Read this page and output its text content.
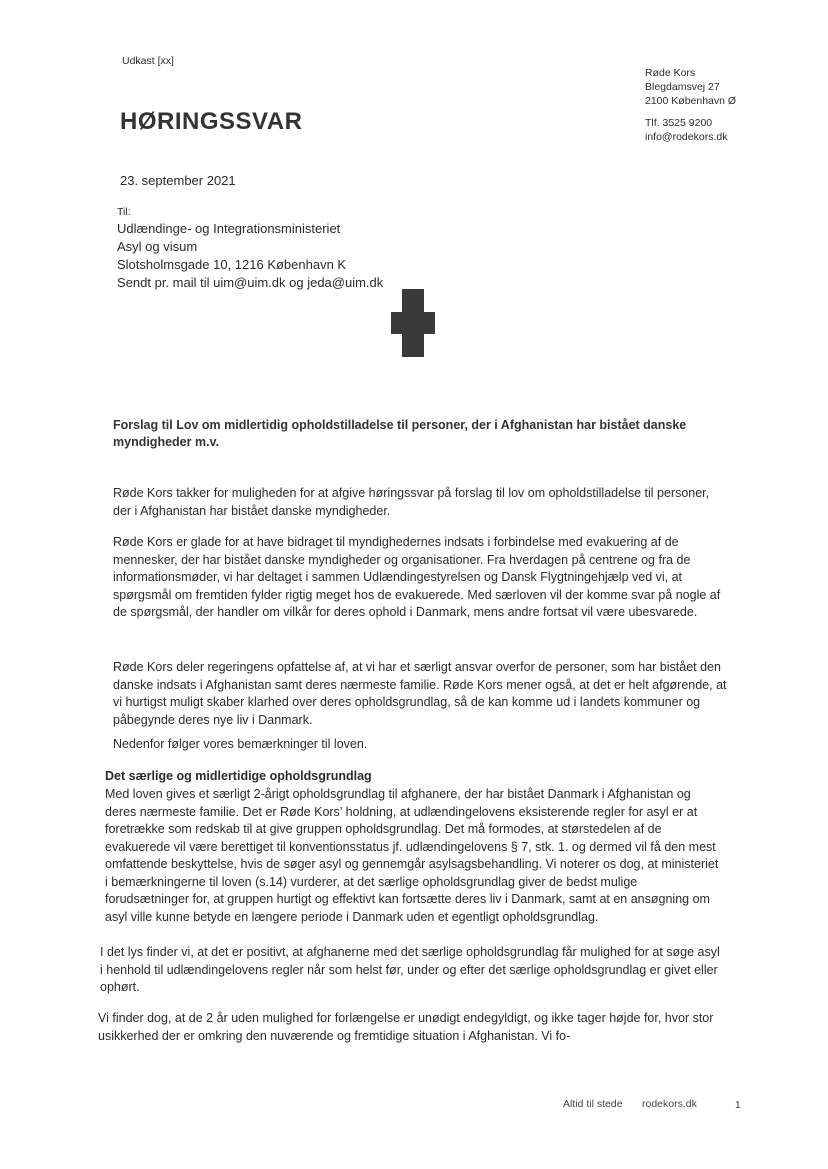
Udkast [xx]
Røde Kors
Blegdamsvej 27
2100 København Ø
HØRINGSSVAR	Tlf. 3525 9200
info@rodekors.dk
23. september 2021
Til:
Udlændinge- og Integrationsministeriet
Asyl og visum
Slotsholmsgade 10, 1216 København K
Sendt pr. mail til uim@uim.dk og jeda@uim.dk
Forslag til Lov om midlertidig opholdstilladelse til personer, der i Afghanistan har bistået danske myndigheder m.v.
Røde Kors takker for muligheden for at afgive høringssvar på forslag til lov om opholdstilladelse til personer, der i Afghanistan har bistået danske myndigheder.
Røde Kors er glade for at have bidraget til myndighedernes indsats i forbindelse med evakuering af de mennesker, der har bistået danske myndigheder og organisationer. Fra hverdagen på centrene og fra de informationsmøder, vi har deltaget i sammen Udlændingestyrelsen og Dansk Flygtningehjælp ved vi, at spørgsmål om fremtiden fylder rigtig meget hos de evakuerede. Med særloven vil der komme svar på nogle af de spørgsmål, der handler om vilkår for deres ophold i Danmark, mens andre fortsat vil være ubesvarede.
Røde Kors deler regeringens opfattelse af, at vi har et særligt ansvar overfor de personer, som har bistået den danske indsats i Afghanistan samt deres nærmeste familie. Røde Kors mener også, at det er helt afgørende, at vi hurtigst muligt skaber klarhed over deres opholdsgrundlag, så de kan komme ud i landets kommuner og påbegynde deres nye liv i Danmark.
Nedenfor følger vores bemærkninger til loven.
Det særlige og midlertidige opholdsgrundlag
Med loven gives et særligt 2-årigt opholdsgrundlag til afghanere, der har bistået Danmark i Afghanistan og deres nærmeste familie. Det er Røde Kors’ holdning, at udlændingelovens eksisterende regler for asyl er at foretrække som redskab til at give gruppen opholdsgrundlag. Det må formodes, at størstedelen af de evakuerede vil være berettiget til konventionsstatus jf. udlændingelovens § 7, stk. 1. og dermed vil få den mest omfattende beskyttelse, hvis de søger asyl og gennemgår asylsagsbehandling. Vi noterer os dog, at ministeriet i bemærkningerne til loven (s.14) vurderer, at det særlige opholdsgrundlag giver de bedst mulige forudsætninger for, at gruppen hurtigt og effektivt kan fortsætte deres liv i Danmark, samt at en ansøgning om asyl ville kunne betyde en længere periode i Danmark uden et egentligt opholdsgrundlag.
I det lys finder vi, at det er positivt, at afghanerne med det særlige opholdsgrundlag får mulighed for at søge asyl i henhold til udlændingelovens regler når som helst før, under og efter det særlige opholdsgrundlag er givet eller ophørt.
Vi finder dog, at de 2 år uden mulighed for forlængelse er unødigt endegyldigt, og ikke tager højde for, hvor stor usikkerhed der er omkring den nuværende og fremtidige situation i Afghanistan. Vi fo-
Altid til stede rodekors.dk	1
